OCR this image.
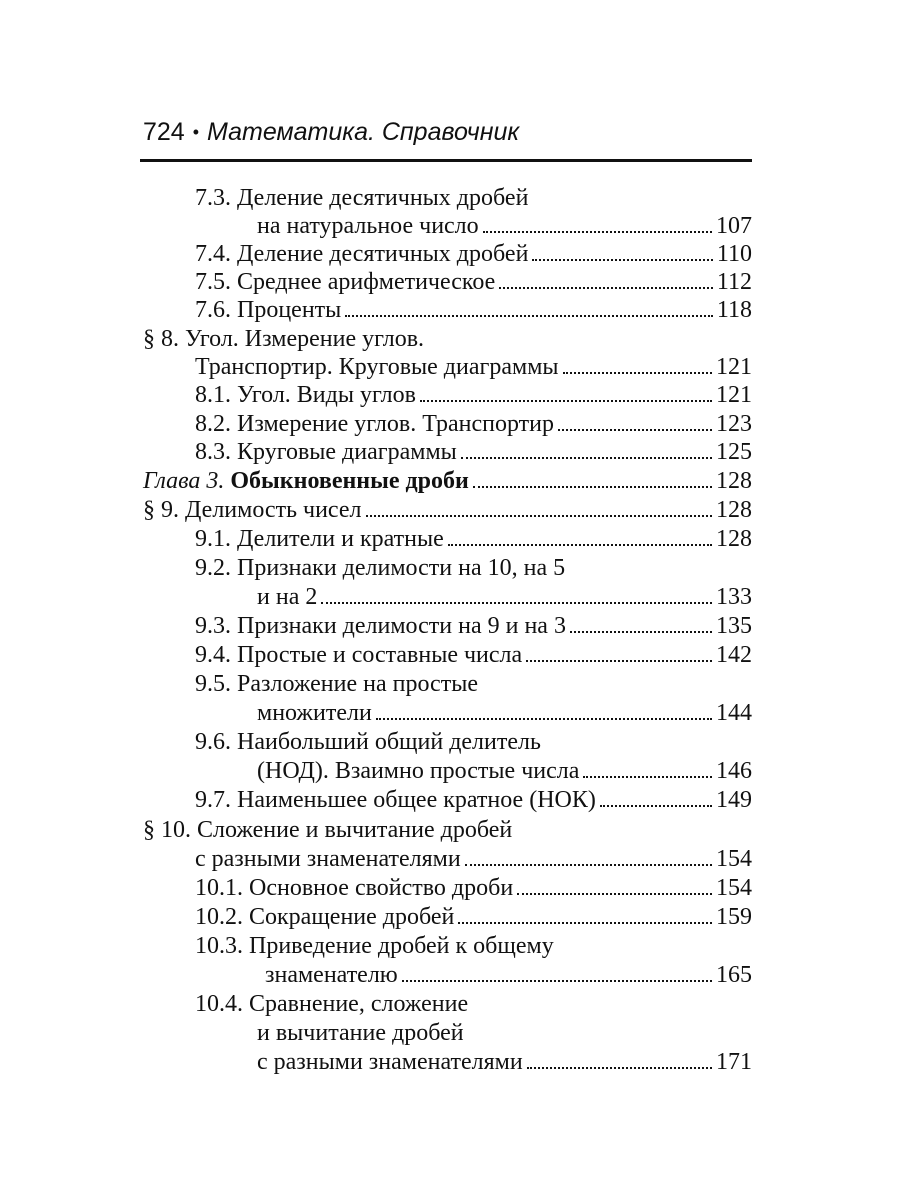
724 • Математика. Справочник
7.3. Деление десятичных дробей
на натуральное число	107
7.4. Деление десятичных дробей	110
7.5. Среднее арифметическое	112
7.6. Проценты	118
§ 8. Угол. Измерение углов.
Транспортир. Круговые диаграммы	121
8.1. Угол. Виды углов	121
8.2. Измерение углов. Транспортир	123
8.3. Круговые диаграммы	125
Глава 3. Обыкновенные дроби	128
§ 9. Делимость чисел	128
9.1. Делители и кратные	128
9.2. Признаки делимости на 10, на 5
и на 2	133
9.3. Признаки делимости на 9 и на 3	135
9.4. Простые и составные числа	142
9.5. Разложение на простые
множители	144
9.6. Наибольший общий делитель
(НОД). Взаимно простые числа	146
9.7. Наименьшее общее кратное (НОК)	149
§ 10. Сложение и вычитание дробей
с разными знаменателями	154
10.1. Основное свойство дроби	154
10.2. Сокращение дробей	159
10.3. Приведение дробей к общему
знаменателю	165
10.4. Сравнение, сложение
и вычитание дробей
с разными знаменателями	171
